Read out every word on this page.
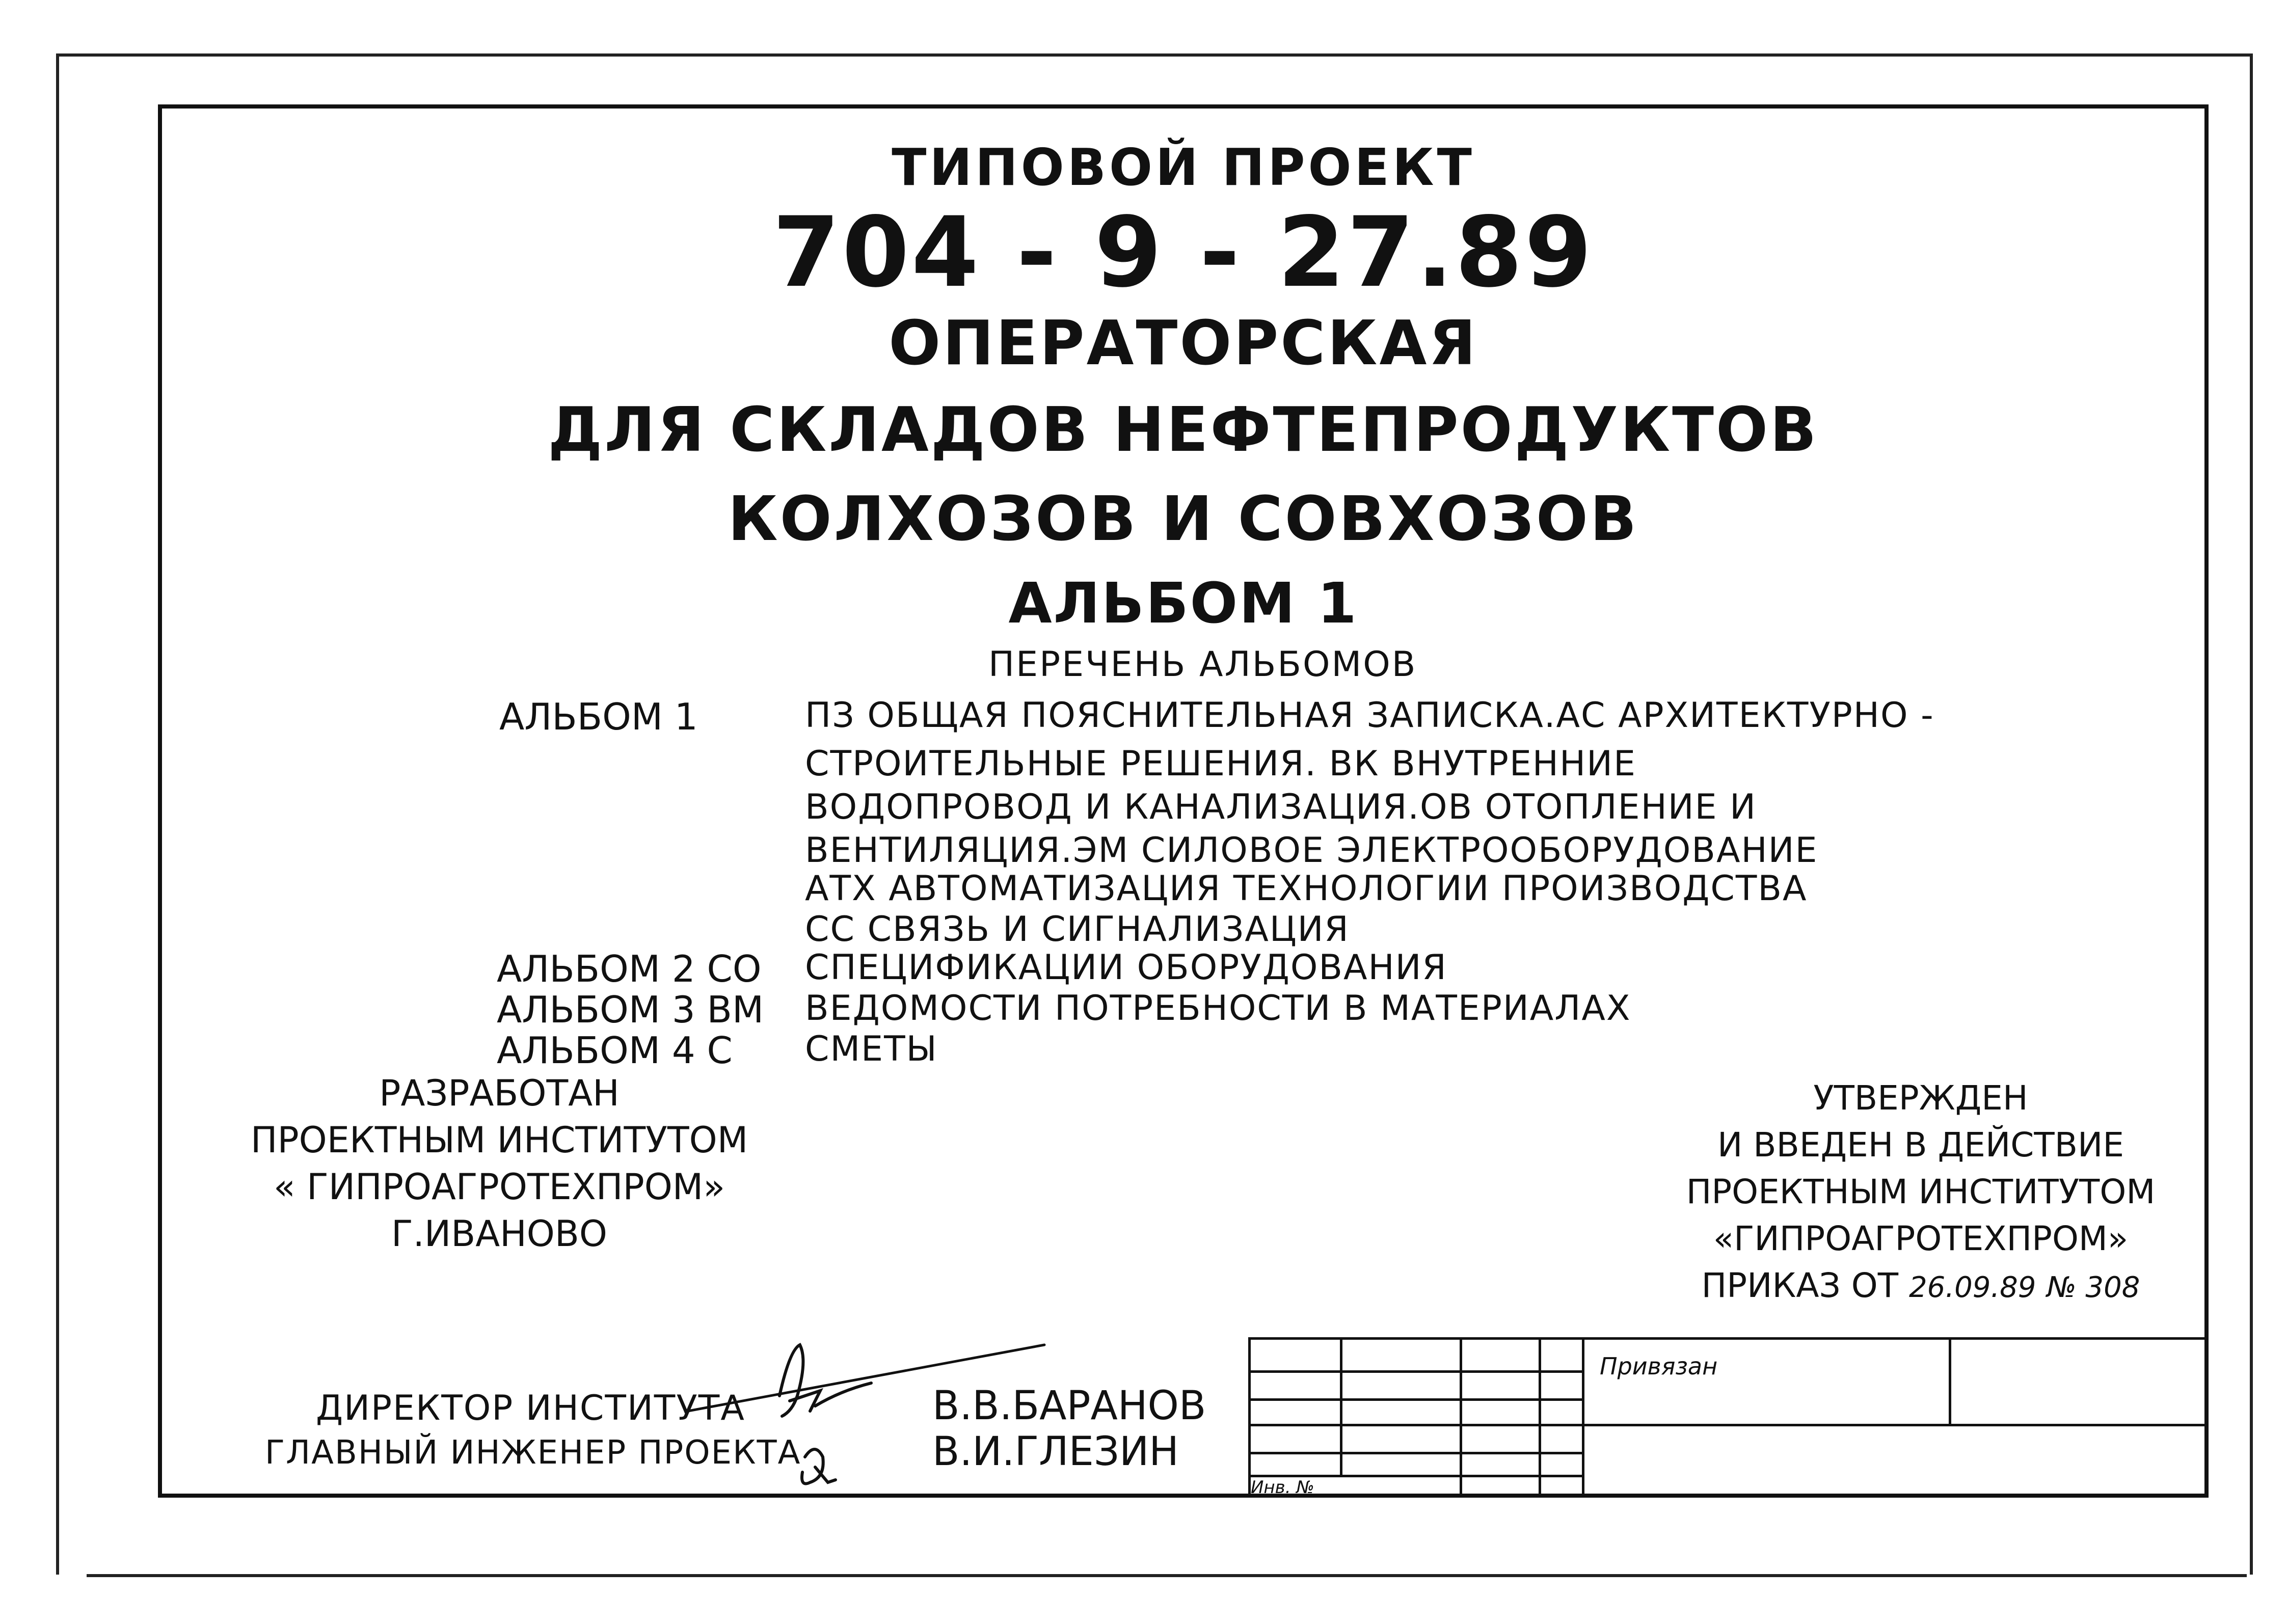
ТИПОВОЙ ПРОЕКТ
704 - 9 - 27.89
ОПЕРАТОРСКАЯ
ДЛЯ СКЛАДОВ НЕФТЕПРОДУКТОВ
КОЛХОЗОВ И СОВХОЗОВ
АЛЬБОМ 1
ПЕРЕЧЕНЬ АЛЬБОМОВ
АЛЬБОМ 1	ПЗ ОБЩАЯ ПОЯСНИТЕЛЬНАЯ ЗАПИСКА.АС АРХИТЕКТУРНО -
СТРОИТЕЛЬНЫЕ РЕШЕНИЯ. ВК ВНУТРЕННИЕ
ВОДОПРОВОД И КАНАЛИЗАЦИЯ.ОВ ОТОПЛЕНИЕ И
ВЕНТИЛЯЦИЯ.ЭМ СИЛОВОЕ ЭЛЕКТРООБОРУДОВАНИЕ
АТХ АВТОМАТИЗАЦИЯ ТЕХНОЛОГИИ ПРОИЗВОДСТВА
СС СВЯЗЬ И СИГНАЛИЗАЦИЯ
АЛЬБОМ 2 СО СПЕЦИФИКАЦИИ ОБОРУДОВАНИЯ
АЛЬБОМ 3 ВМ ВЕДОМОСТИ ПОТРЕБНОСТИ В МАТЕРИАЛАХ
АЛЬБОМ 4 С СМЕТЫ
РАЗРАБОТАН
ПРОЕКТНЫМ ИНСТИТУТОМ
« ГИПРОАГРОТЕХПРОМ»
Г.ИВАНОВО
УТВЕРЖДЕН
И ВВЕДЕН В ДЕЙСТВИЕ
ПРОЕКТНЫМ ИНСТИТУТОМ
«ГИПРОАГРОТЕХПРОМ»
ПРИКАЗ ОТ 26.09.89 № 308
ДИРЕКТОР ИНСТИТУТА
ГЛАВНЫЙ ИНЖЕНЕР ПРОЕКТА
В.В.БАРАНОВ
В.И.ГЛЕЗИН
Привязан
Инв. №
